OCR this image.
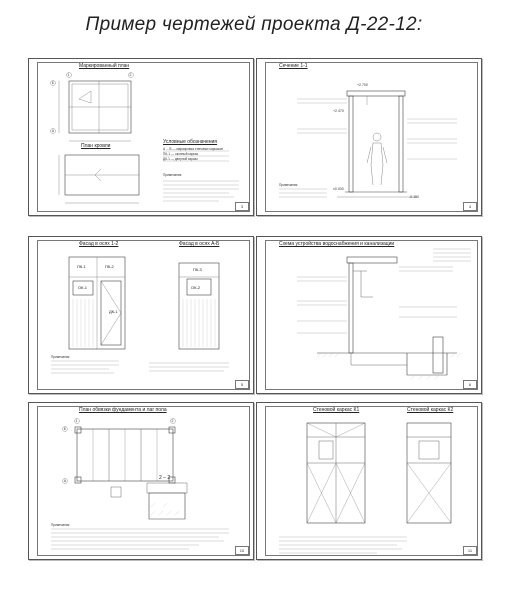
Пример чертежей проекта Д-22-12:
Маркированный план
План кровли
Условные обозначения
A ... B — маркировка стеновых каркасов
ПК-1 — оконный каркас
ДК-1 — дверной каркас
Примечания
1	2
А
Б
3
Сечение 1-1
+2.700
+2.470
±0.000
-0.150
Примечания
4
Фасад в осях 1-2	Фасад в осях А-Б
ПК-1	ПК-2
ОК-1	ОК-2
ДК-1
ПК-3
Примечания
5
Схема устройства водоснабжения и канализации
6
План обвязки фундамента и лаг пола
2 – 2
1	2
А
Б
Примечания
10
Стеновой каркас К1	Стеновой каркас К2
11
